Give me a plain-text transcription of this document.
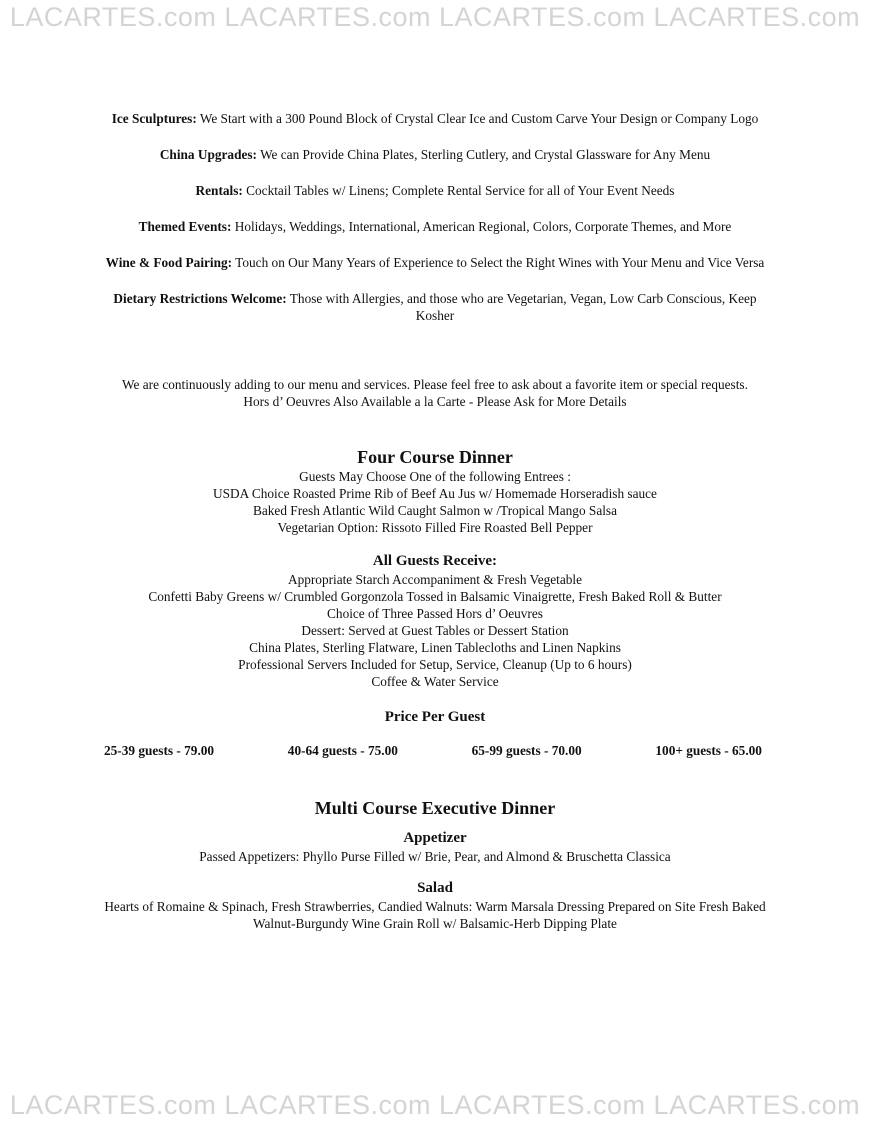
LACARTES.com LACARTES.com LACARTES.com LACARTES.com

Ice Sculptures: We Start with a 300 Pound Block of Crystal Clear Ice and Custom Carve Your Design or Company Logo

China Upgrades: We can Provide China Plates, Sterling Cutlery, and Crystal Glassware for Any Menu

Rentals: Cocktail Tables w/ Linens; Complete Rental Service for all of Your Event Needs

Themed Events: Holidays, Weddings, International, American Regional, Colors, Corporate Themes, and More

Wine & Food Pairing: Touch on Our Many Years of Experience to Select the Right Wines with Your Menu and Vice Versa

Dietary Restrictions Welcome: Those with Allergies, and those who are Vegetarian, Vegan, Low Carb Conscious, Keep Kosher

We are continuously adding to our menu and services. Please feel free to ask about a favorite item or special requests.
Hors d’ Oeuvres Also Available a la Carte - Please Ask for More Details

Four Course Dinner

Guests May Choose One of the following Entrees :

USDA Choice Roasted Prime Rib of Beef Au Jus w/ Homemade Horseradish sauce

Baked Fresh Atlantic Wild Caught Salmon w /Tropical Mango Salsa

Vegetarian Option: Rissoto Filled Fire Roasted Bell Pepper

All Guests Receive:

Appropriate Starch Accompaniment & Fresh Vegetable

Confetti Baby Greens w/ Crumbled Gorgonzola Tossed in Balsamic Vinaigrette, Fresh Baked Roll & Butter

Choice of Three Passed Hors d’ Oeuvres

Dessert: Served at Guest Tables or Dessert Station

China Plates, Sterling Flatware, Linen Tablecloths and Linen Napkins

Professional Servers Included for Setup, Service, Cleanup (Up to 6 hours)

Coffee & Water Service

Price Per Guest
25-39 guests - 79.00	40-64 guests - 75.00	65-99 guests - 70.00	100+ guests - 65.00
Multi Course Executive Dinner
Appetizer

Passed Appetizers: Phyllo Purse Filled w/ Brie, Pear, and Almond & Bruschetta Classica

Salad

Hearts of Romaine & Spinach, Fresh Strawberries, Candied Walnuts: Warm Marsala Dressing Prepared on Site Fresh Baked Walnut-Burgundy Wine Grain Roll w/ Balsamic-Herb Dipping Plate

LACARTES.com LACARTES.com LACARTES.com LACARTES.com
